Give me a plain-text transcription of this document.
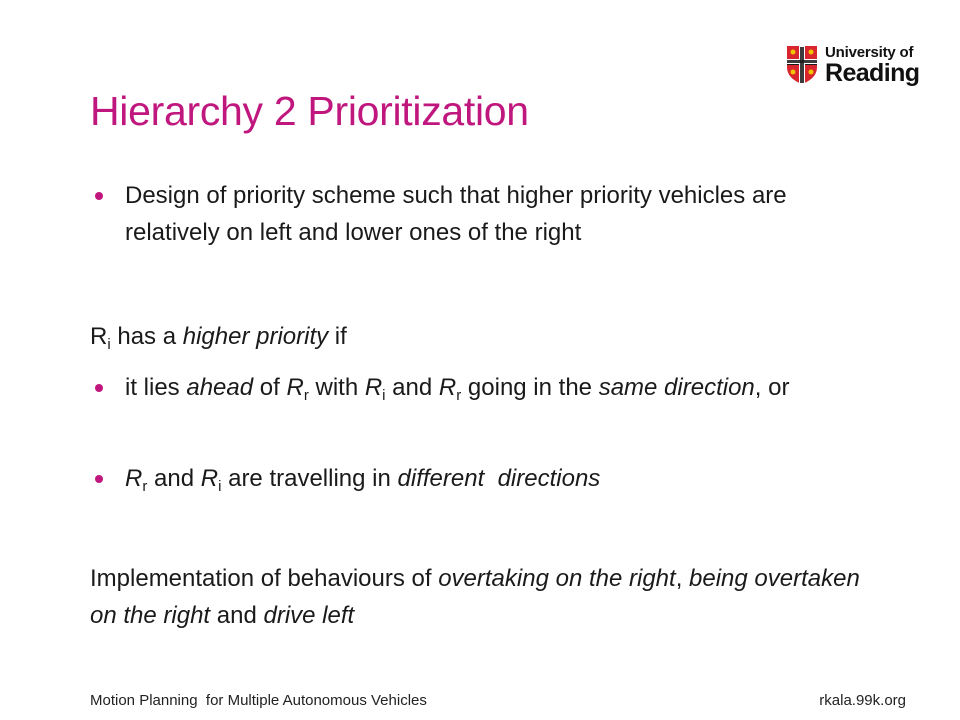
University of
Reading
Hierarchy 2 Prioritization
Design of priority scheme such that higher priority vehicles are relatively on left and lower ones of the right
$R_i$ has a higher priority if
it lies ahead of $R_r$ with $R_i$ and $R_r$ going in the same direction, or
$R_r$ and $R_i$ are travelling in different  directions
Implementation of behaviours of overtaking on the right, being overtaken on the right and drive left
Motion Planning  for Multiple Autonomous Vehicles	rkala.99k.org
